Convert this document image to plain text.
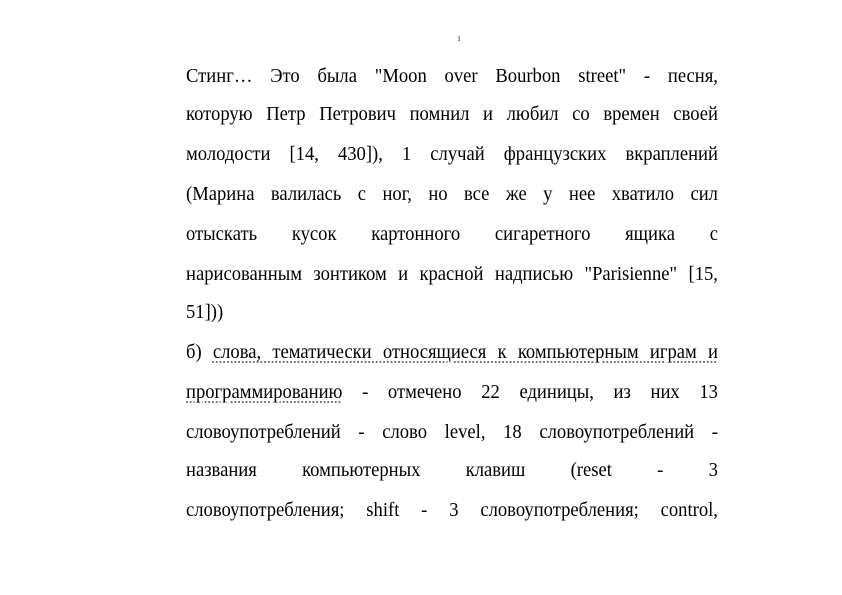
1
Стинг… Это была "Moon over Bourbon street" - песня,
которую Петр Петрович помнил и любил со времен своей
молодости [14, 430]), 1 случай французских вкраплений
(Марина валилась с ног, но все же у нее хватило сил
отыскать кусок картонного сигаретного ящика с
нарисованным зонтиком и красной надписью "Parisienne" [15,
51]))
б) слова, тематически относящиеся к компьютерным играм и
программированию - отмечено 22 единицы, из них 13
словоупотреблений - слово level, 18 словоупотреблений -
названия компьютерных клавиш (reset - 3
словоупотребления; shift - 3 словоупотребления; control,
